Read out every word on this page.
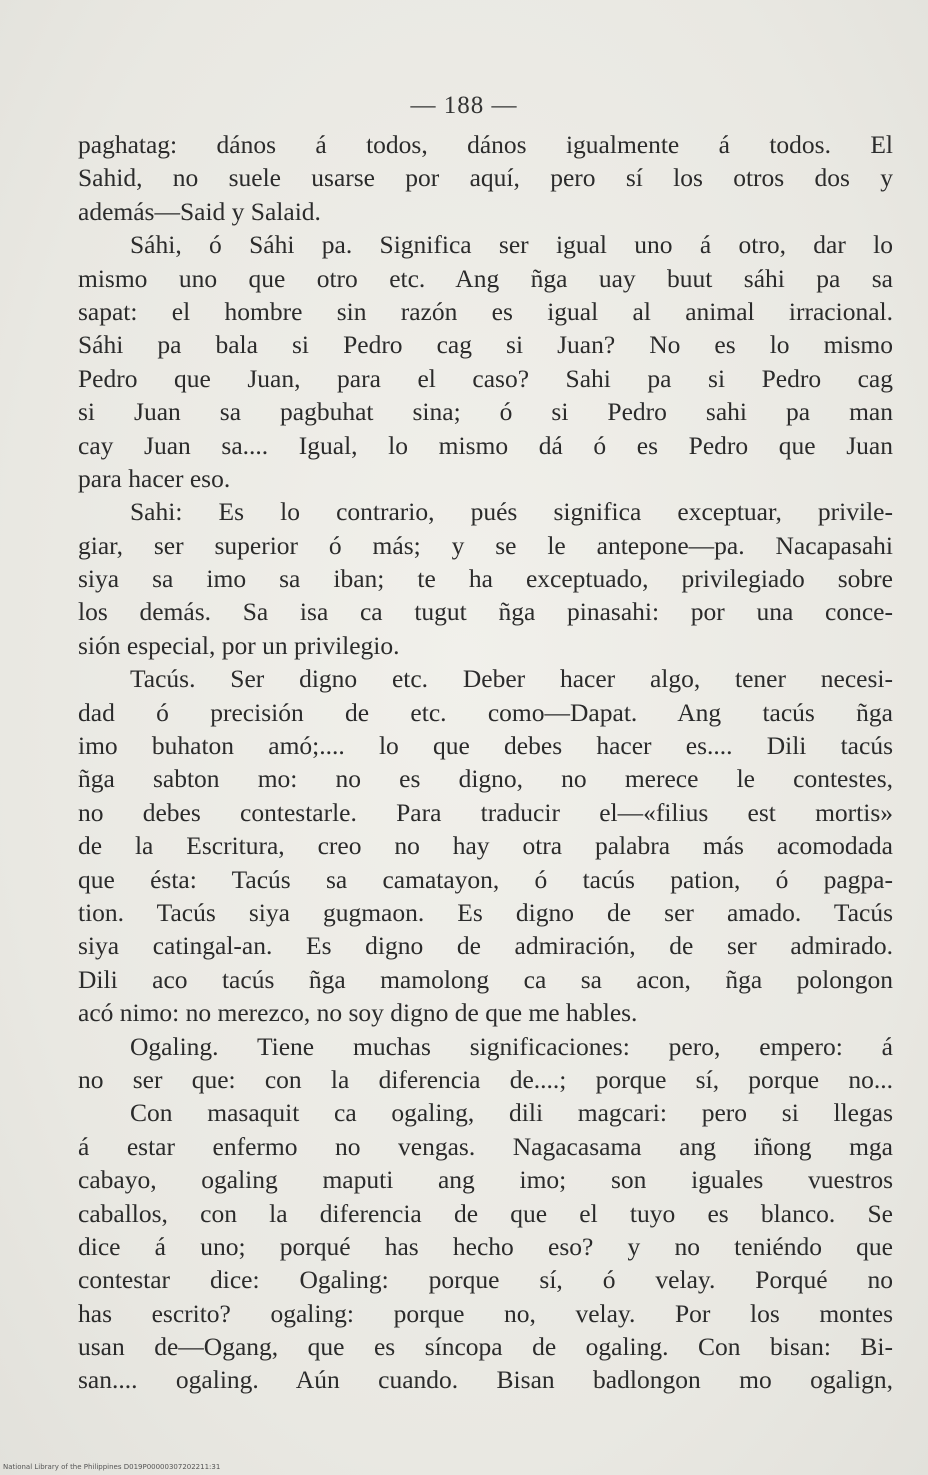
— 188 —
paghatag: dános á todos, dános igualmente á todos. El
Sahid, no suele usarse por aquí, pero sí los otros dos y
además—Said y Salaid.
Sáhi, ó Sáhi pa. Significa ser igual uno á otro, dar lo
mismo uno que otro etc. Ang ñga uay buut sáhi pa sa
sapat: el hombre sin razón es igual al animal irracional.
Sáhi pa bala si Pedro cag si Juan? No es lo mismo
Pedro que Juan, para el caso? Sahi pa si Pedro cag
si Juan sa pagbuhat sina; ó si Pedro sahi pa man
cay Juan sa.... Igual, lo mismo dá ó es Pedro que Juan
para hacer eso.
Sahi: Es lo contrario, pués significa exceptuar, privile-
giar, ser superior ó más; y se le antepone—pa. Nacapasahi
siya sa imo sa iban; te ha exceptuado, privilegiado sobre
los demás. Sa isa ca tugut ñga pinasahi: por una conce-
sión especial, por un privilegio.
Tacús. Ser digno etc. Deber hacer algo, tener necesi-
dad ó precisión de etc. como—Dapat. Ang tacús ñga
imo buhaton amó;.... lo que debes hacer es.... Dili tacús
ñga sabton mo: no es digno, no merece le contestes,
no debes contestarle. Para traducir el—«filius est mortis»
de la Escritura, creo no hay otra palabra más acomodada
que ésta: Tacús sa camatayon, ó tacús pation, ó pagpa-
tion. Tacús siya gugmaon. Es digno de ser amado. Tacús
siya catingal-an. Es digno de admiración, de ser admirado.
Dili aco tacús ñga mamolong ca sa acon, ñga polongon
acó nimo: no merezco, no soy digno de que me hables.
Ogaling. Tiene muchas significaciones: pero, empero: á
no ser que: con la diferencia de....; porque sí, porque no...
Con masaquit ca ogaling, dili magcari: pero si llegas
á estar enfermo no vengas. Nagacasama ang iñong mga
cabayo, ogaling maputi ang imo; son iguales vuestros
caballos, con la diferencia de que el tuyo es blanco. Se
dice á uno; porqué has hecho eso? y no teniéndo que
contestar dice: Ogaling: porque sí, ó velay. Porqué no
has escrito? ogaling: porque no, velay. Por los montes
usan de—Ogang, que es síncopa de ogaling. Con bisan: Bi-
san.... ogaling. Aún cuando. Bisan badlongon mo ogalign,
National Library of the Philippines D019P00000307202211:31
